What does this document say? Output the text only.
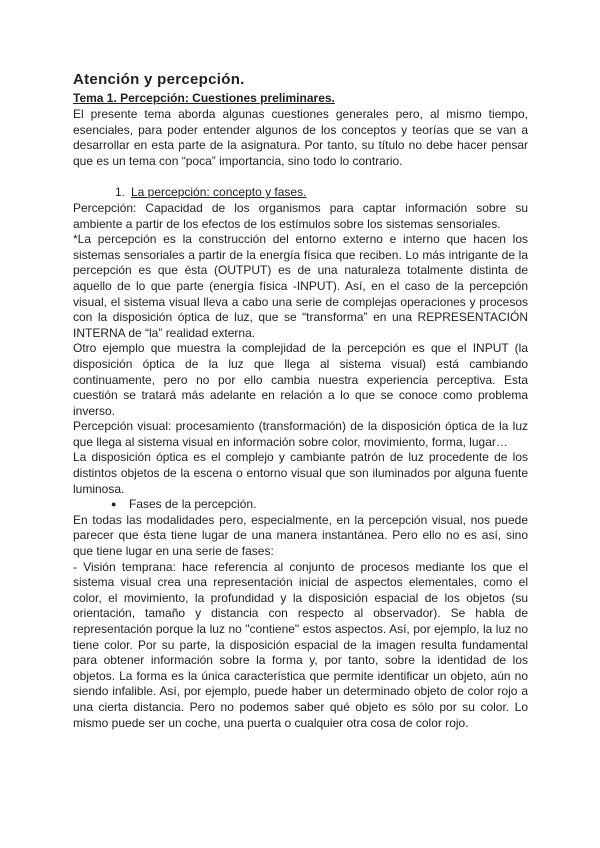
Atención y percepción.
Tema 1. Percepción: Cuestiones preliminares.

El presente tema aborda algunas cuestiones generales pero, al mismo tiempo, esenciales, para poder entender algunos de los conceptos y teorías que se van a desarrollar en esta parte de la asignatura. Por tanto, su título no debe hacer pensar que es un tema con “poca” importancia, sino todo lo contrario.

1. La percepción: concepto y fases.

Percepción: Capacidad de los organismos para captar información sobre su ambiente a partir de los efectos de los estímulos sobre los sistemas sensoriales.

*La percepción es la construcción del entorno externo e interno que hacen los sistemas sensoriales a partir de la energía física que reciben. Lo más intrigante de la percepción es que ésta (OUTPUT) es de una naturaleza totalmente distinta de aquello de lo que parte (energía física -INPUT). Así, en el caso de la percepción visual, el sistema visual lleva a cabo una serie de complejas operaciones y procesos con la disposición óptica de luz, que se “transforma” en una REPRESENTACIÓN INTERNA de “la” realidad externa.

Otro ejemplo que muestra la complejidad de la percepción es que el INPUT (la disposición óptica de la luz que llega al sistema visual) está cambiando continuamente, pero no por ello cambia nuestra experiencia perceptiva. Esta cuestión se tratará más adelante en relación a lo que se conoce como problema inverso.

Percepción visual: procesamiento (transformación) de la disposición óptica de la luz que llega al sistema visual en información sobre color, movimiento, forma, lugar…

La disposición óptica es el complejo y cambiante patrón de luz procedente de los distintos objetos de la escena o entorno visual que son iluminados por alguna fuente luminosa.

● Fases de la percepción.

En todas las modalidades pero, especialmente, en la percepción visual, nos puede parecer que ésta tiene lugar de una manera instantánea. Pero ello no es así, sino que tiene lugar en una serie de fases:

- Visión temprana: hace referencia al conjunto de procesos mediante los que el sistema visual crea una representación inicial de aspectos elementales, como el color, el movimiento, la profundidad y la disposición espacial de los objetos (su orientación, tamaño y distancia con respecto al observador). Se habla de representación porque la luz no "contiene" estos aspectos. Así, por ejemplo, la luz no tiene color. Por su parte, la disposición espacial de la imagen resulta fundamental para obtener información sobre la forma y, por tanto, sobre la identidad de los objetos. La forma es la única característica que permite identificar un objeto, aún no siendo infalible. Así, por ejemplo, puede haber un determinado objeto de color rojo a una cierta distancia. Pero no podemos saber qué objeto es sólo por su color. Lo mismo puede ser un coche, una puerta o cualquier otra cosa de color rojo.
